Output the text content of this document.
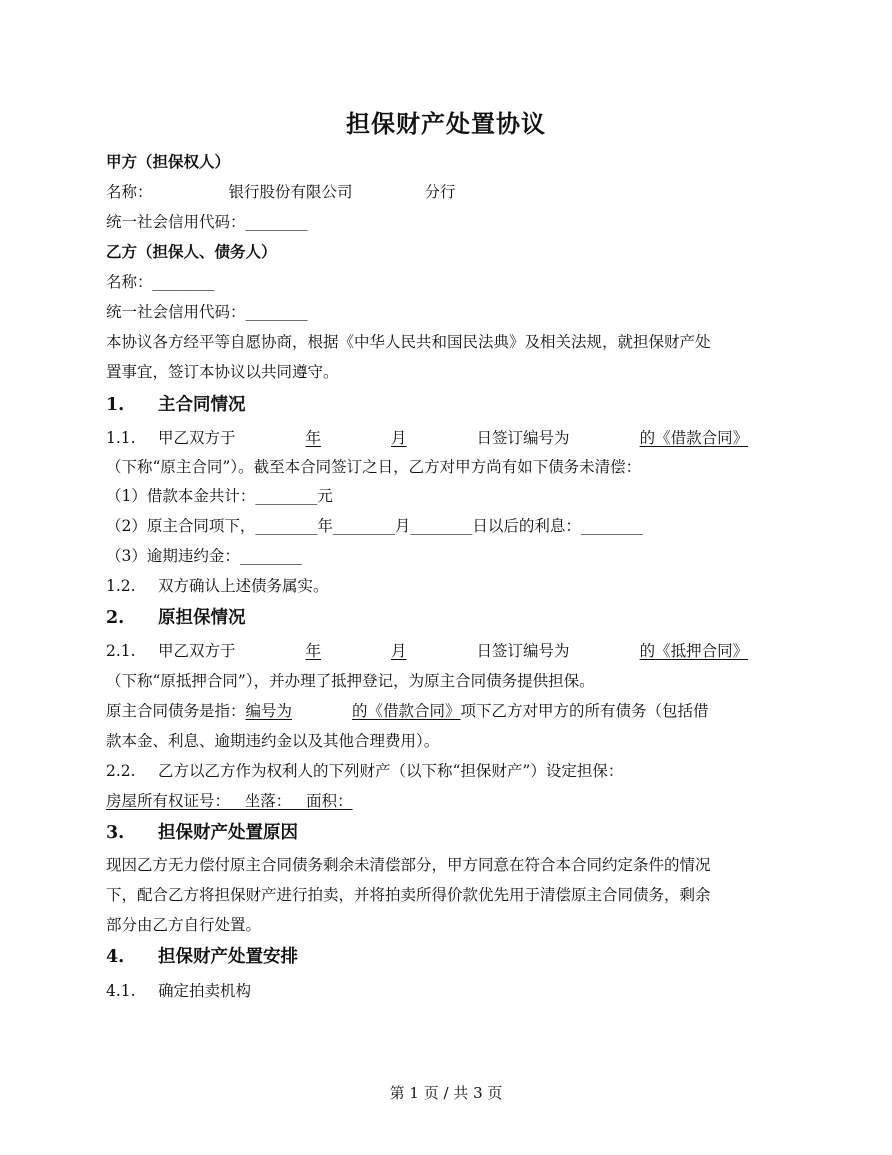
担保财产处置协议
甲方（担保权人）
名称：	银行股份有限公司	分行
统一社会信用代码：________
乙方（担保人、债务人）
名称：________
统一社会信用代码：________
本协议各方经平等自愿协商，根据《中华人民共和国民法典》及相关法规，就担保财产处
置事宜，签订本协议以共同遵守。
1. 主合同情况
1.1. 甲乙双方于	年	月	日签订编号为	的《借款合同》
（下称“原主合同”）。截至本合同签订之日，乙方对甲方尚有如下债务未清偿：
（1）借款本金共计：________元
（2）原主合同项下，________年________月________日以后的利息：________
（3）逾期违约金：________
1.2. 双方确认上述债务属实。
2. 原担保情况
2.1. 甲乙双方于	年	月	日签订编号为	的《抵押合同》
（下称“原抵押合同”），并办理了抵押登记，为原主合同债务提供担保。
原主合同债务是指：编号为	的《借款合同》项下乙方对甲方的所有债务（包括借
款本金、利息、逾期违约金以及其他合理费用）。
2.2. 乙方以乙方作为权利人的下列财产（以下称“担保财产”）设定担保：
房屋所有权证号：   坐落：   面积：
3. 担保财产处置原因
现因乙方无力偿付原主合同债务剩余未清偿部分，甲方同意在符合本合同约定条件的情况
下，配合乙方将担保财产进行拍卖，并将拍卖所得价款优先用于清偿原主合同债务，剩余
部分由乙方自行处置。
4. 担保财产处置安排
4.1. 确定拍卖机构
第 1 页 / 共 3 页
